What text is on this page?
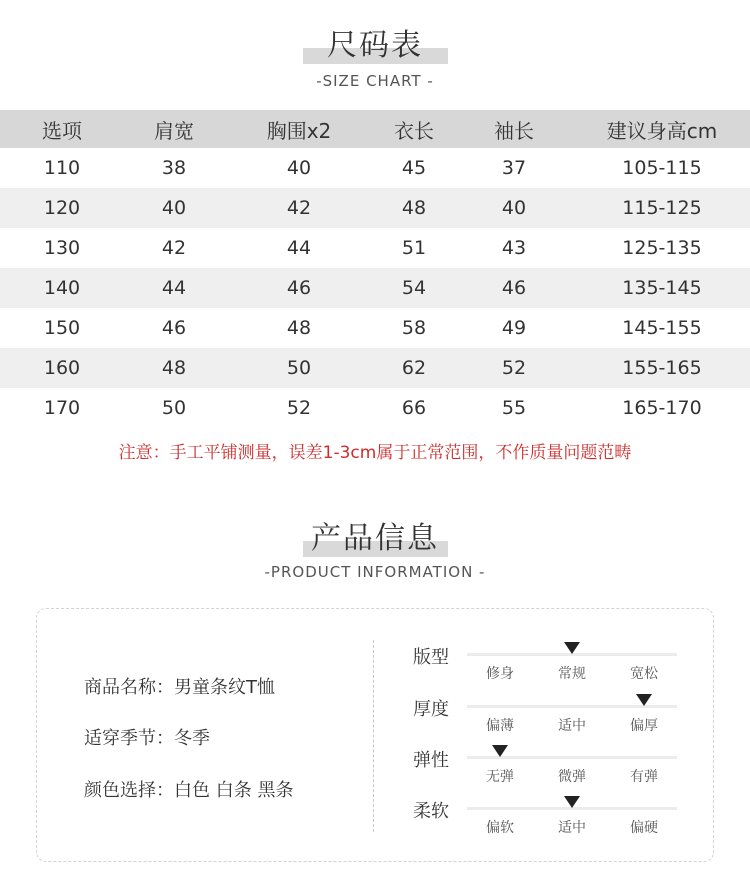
尺码表
-SIZE CHART -
选项	肩宽	胸围x2	衣长	袖长	建议身高cm
110	38	40	45	37	105-115
120	40	42	48	40	115-125
130	42	44	51	43	125-135
140	44	46	54	46	135-145
150	46	48	58	49	145-155
160	48	50	62	52	155-165
170	50	52	66	55	165-170
注意：手工平铺测量，误差1-3cm属于正常范围，不作质量问题范畴
产品信息
-PRODUCT INFORMATION -
商品名称：男童条纹T恤
适穿季节：冬季
颜色选择：白色 白条 黑条
版型
修身	常规	宽松
厚度
偏薄	适中	偏厚
弹性
无弹	微弹	有弹
柔软
偏软	适中	偏硬
